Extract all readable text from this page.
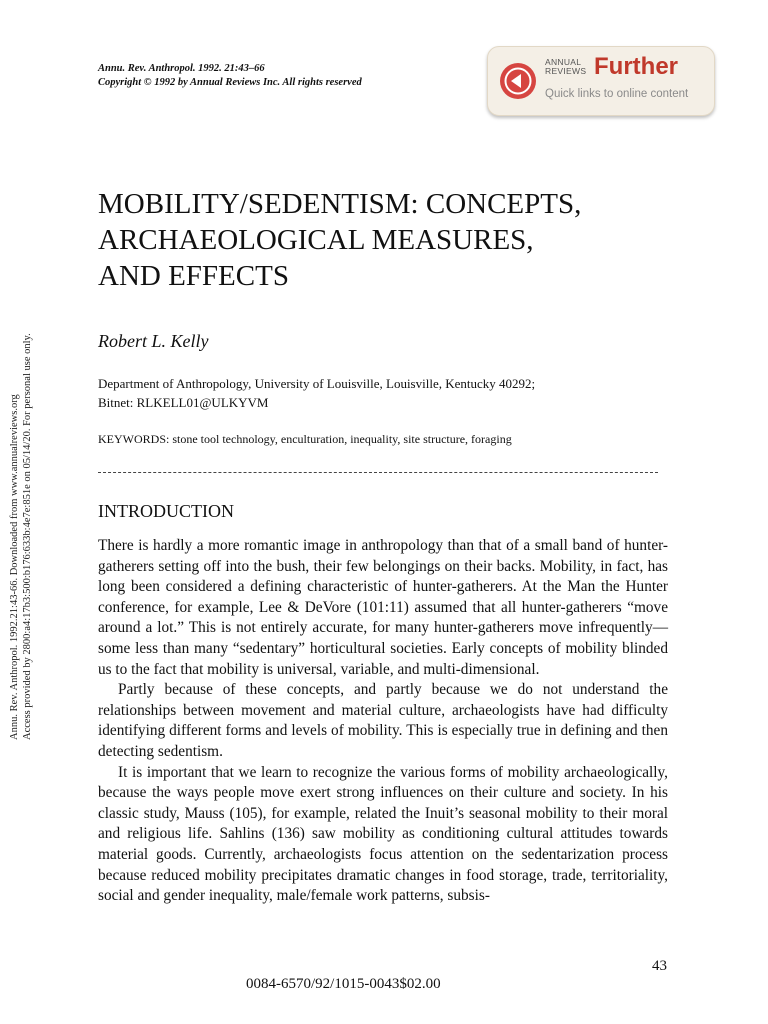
Annu. Rev. Anthropol. 1992. 21:43–66
Copyright © 1992 by Annual Reviews Inc. All rights reserved
ANNUAL
REVIEWS Further
Quick links to online content
Annu. Rev. Anthropol. 1992.21:43-66. Downloaded from www.annualreviews.org Access provided by 2800:a4:17b3:500:b176:633b:4e7e:851e on 05/14/20. For personal use only.
MOBILITY/SEDENTISM: CONCEPTS,
ARCHAEOLOGICAL MEASURES,
AND EFFECTS
Robert L. Kelly
Department of Anthropology, University of Louisville, Louisville, Kentucky 40292;
Bitnet: RLKELL01@ULKYVM
KEYWORDS: stone tool technology, enculturation, inequality, site structure, foraging
INTRODUCTION

There is hardly a more romantic image in anthropology than that of a small band of hunter-gatherers setting off into the bush, their few belongings on their backs. Mobility, in fact, has long been considered a defining characteristic of hunter-gatherers. At the Man the Hunter conference, for example, Lee & DeVore (101:11) assumed that all hunter-gatherers “move around a lot.” This is not entirely accurate, for many hunter-gatherers move infrequently—some less than many “sedentary” horticultural societies. Early concepts of mobility blinded us to the fact that mobility is universal, variable, and multi-dimensional.

Partly because of these concepts, and partly because we do not understand the relationships between movement and material culture, archaeologists have had difficulty identifying different forms and levels of mobility. This is especially true in defining and then detecting sedentism.

It is important that we learn to recognize the various forms of mobility archaeologically, because the ways people move exert strong influences on their culture and society. In his classic study, Mauss (105), for example, related the Inuit’s seasonal mobility to their moral and religious life. Sahlins (136) saw mobility as conditioning cultural attitudes towards material goods. Currently, archaeologists focus attention on the sedentarization process because reduced mobility precipitates dramatic changes in food storage, trade, territoriality, social and gender inequality, male/female work patterns, subsis-

43
0084-6570/92/1015-0043$02.00
